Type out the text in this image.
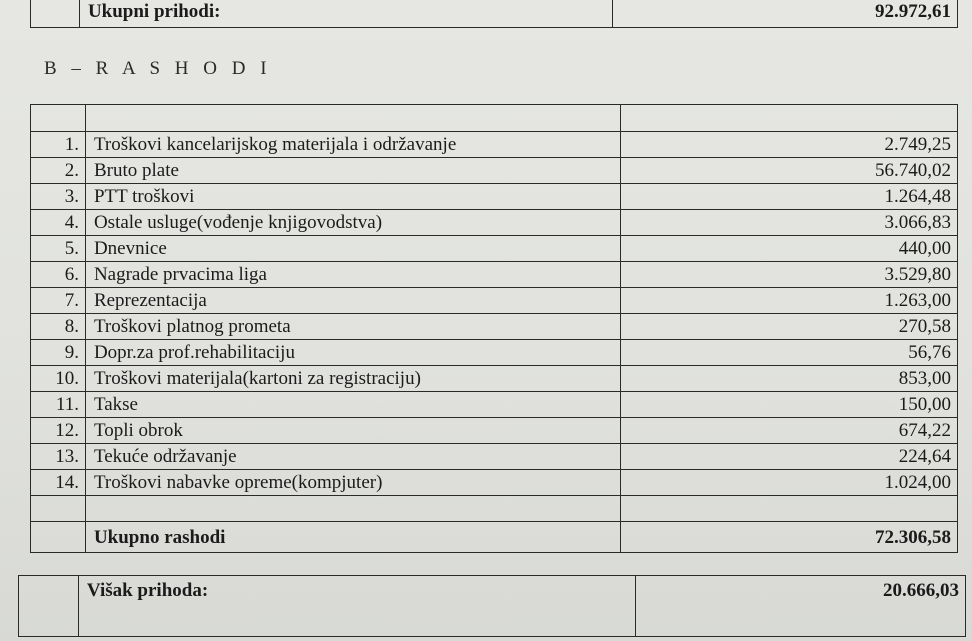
	Ukupni prihodi:	92.972,61
B – R A S H O D I

1.	Troškovi kancelarijskog materijala i održavanje	2.749,25
2.	Bruto plate	56.740,02
3.	PTT troškovi	1.264,48
4.	Ostale usluge(vođenje knjigovodstva)	3.066,83
5.	Dnevnice	440,00
6.	Nagrade prvacima liga	3.529,80
7.	Reprezentacija	1.263,00
8.	Troškovi platnog prometa	270,58
9.	Dopr.za prof.rehabilitaciju	56,76
10.	Troškovi materijala(kartoni za registraciju)	853,00
11.	Takse	150,00
12.	Topli obrok	674,22
13.	Tekuće održavanje	224,64
14.	Troškovi nabavke opreme(kompjuter)	1.024,00

	Ukupno rashodi	72.306,58
	Višak prihoda:	20.666,03
